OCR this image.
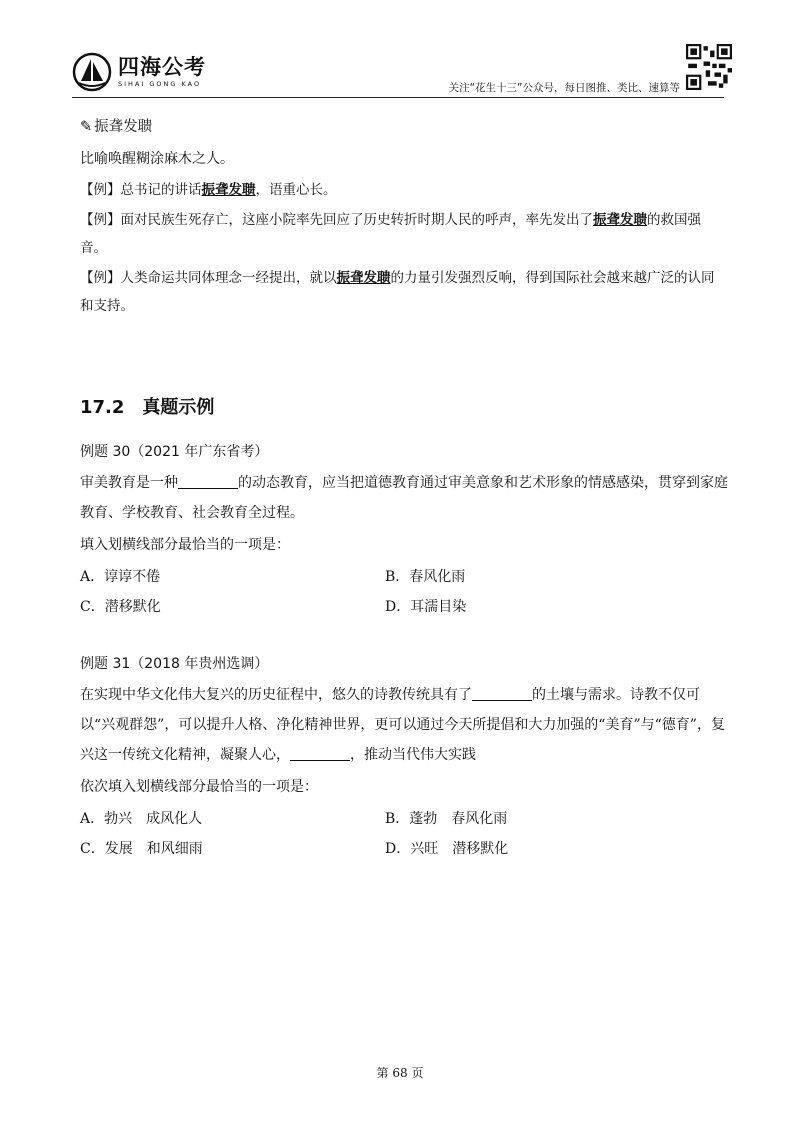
四海公考
SIHAI GONG KAO	关注“花生十三”公众号，每日图推、类比、速算等
✎ 振聋发聩
比喻唤醒糊涂麻木之人。
【例】总书记的讲话振聋发聩，语重心长。
【例】面对民族生死存亡，这座小院率先回应了历史转折时期人民的呼声，率先发出了振聋发聩的救国强音。
【例】人类命运共同体理念一经提出，就以振聋发聩的力量引发强烈反响，得到国际社会越来越广泛的认同和支持。
17.2　真题示例
例题 30（2021 年广东省考）
审美教育是一种	的动态教育，应当把道德教育通过审美意象和艺术形象的情感感染，贯穿到家庭教育、学校教育、社会教育全过程。
填入划横线部分最恰当的一项是：
A．谆谆不倦	B．春风化雨
C．潜移默化	D．耳濡目染
例题 31（2018 年贵州选调）
在实现中华文化伟大复兴的历史征程中，悠久的诗教传统具有了	的土壤与需求。诗教不仅可以“兴观群怨”，可以提升人格、净化精神世界，更可以通过今天所提倡和大力加强的“美育”与“德育”，复兴这一传统文化精神，凝聚人心，	，推动当代伟大实践
依次填入划横线部分最恰当的一项是：
A．勃兴　成风化人	B．蓬勃　春风化雨
C．发展　和风细雨	D．兴旺　潜移默化
第 68 页
